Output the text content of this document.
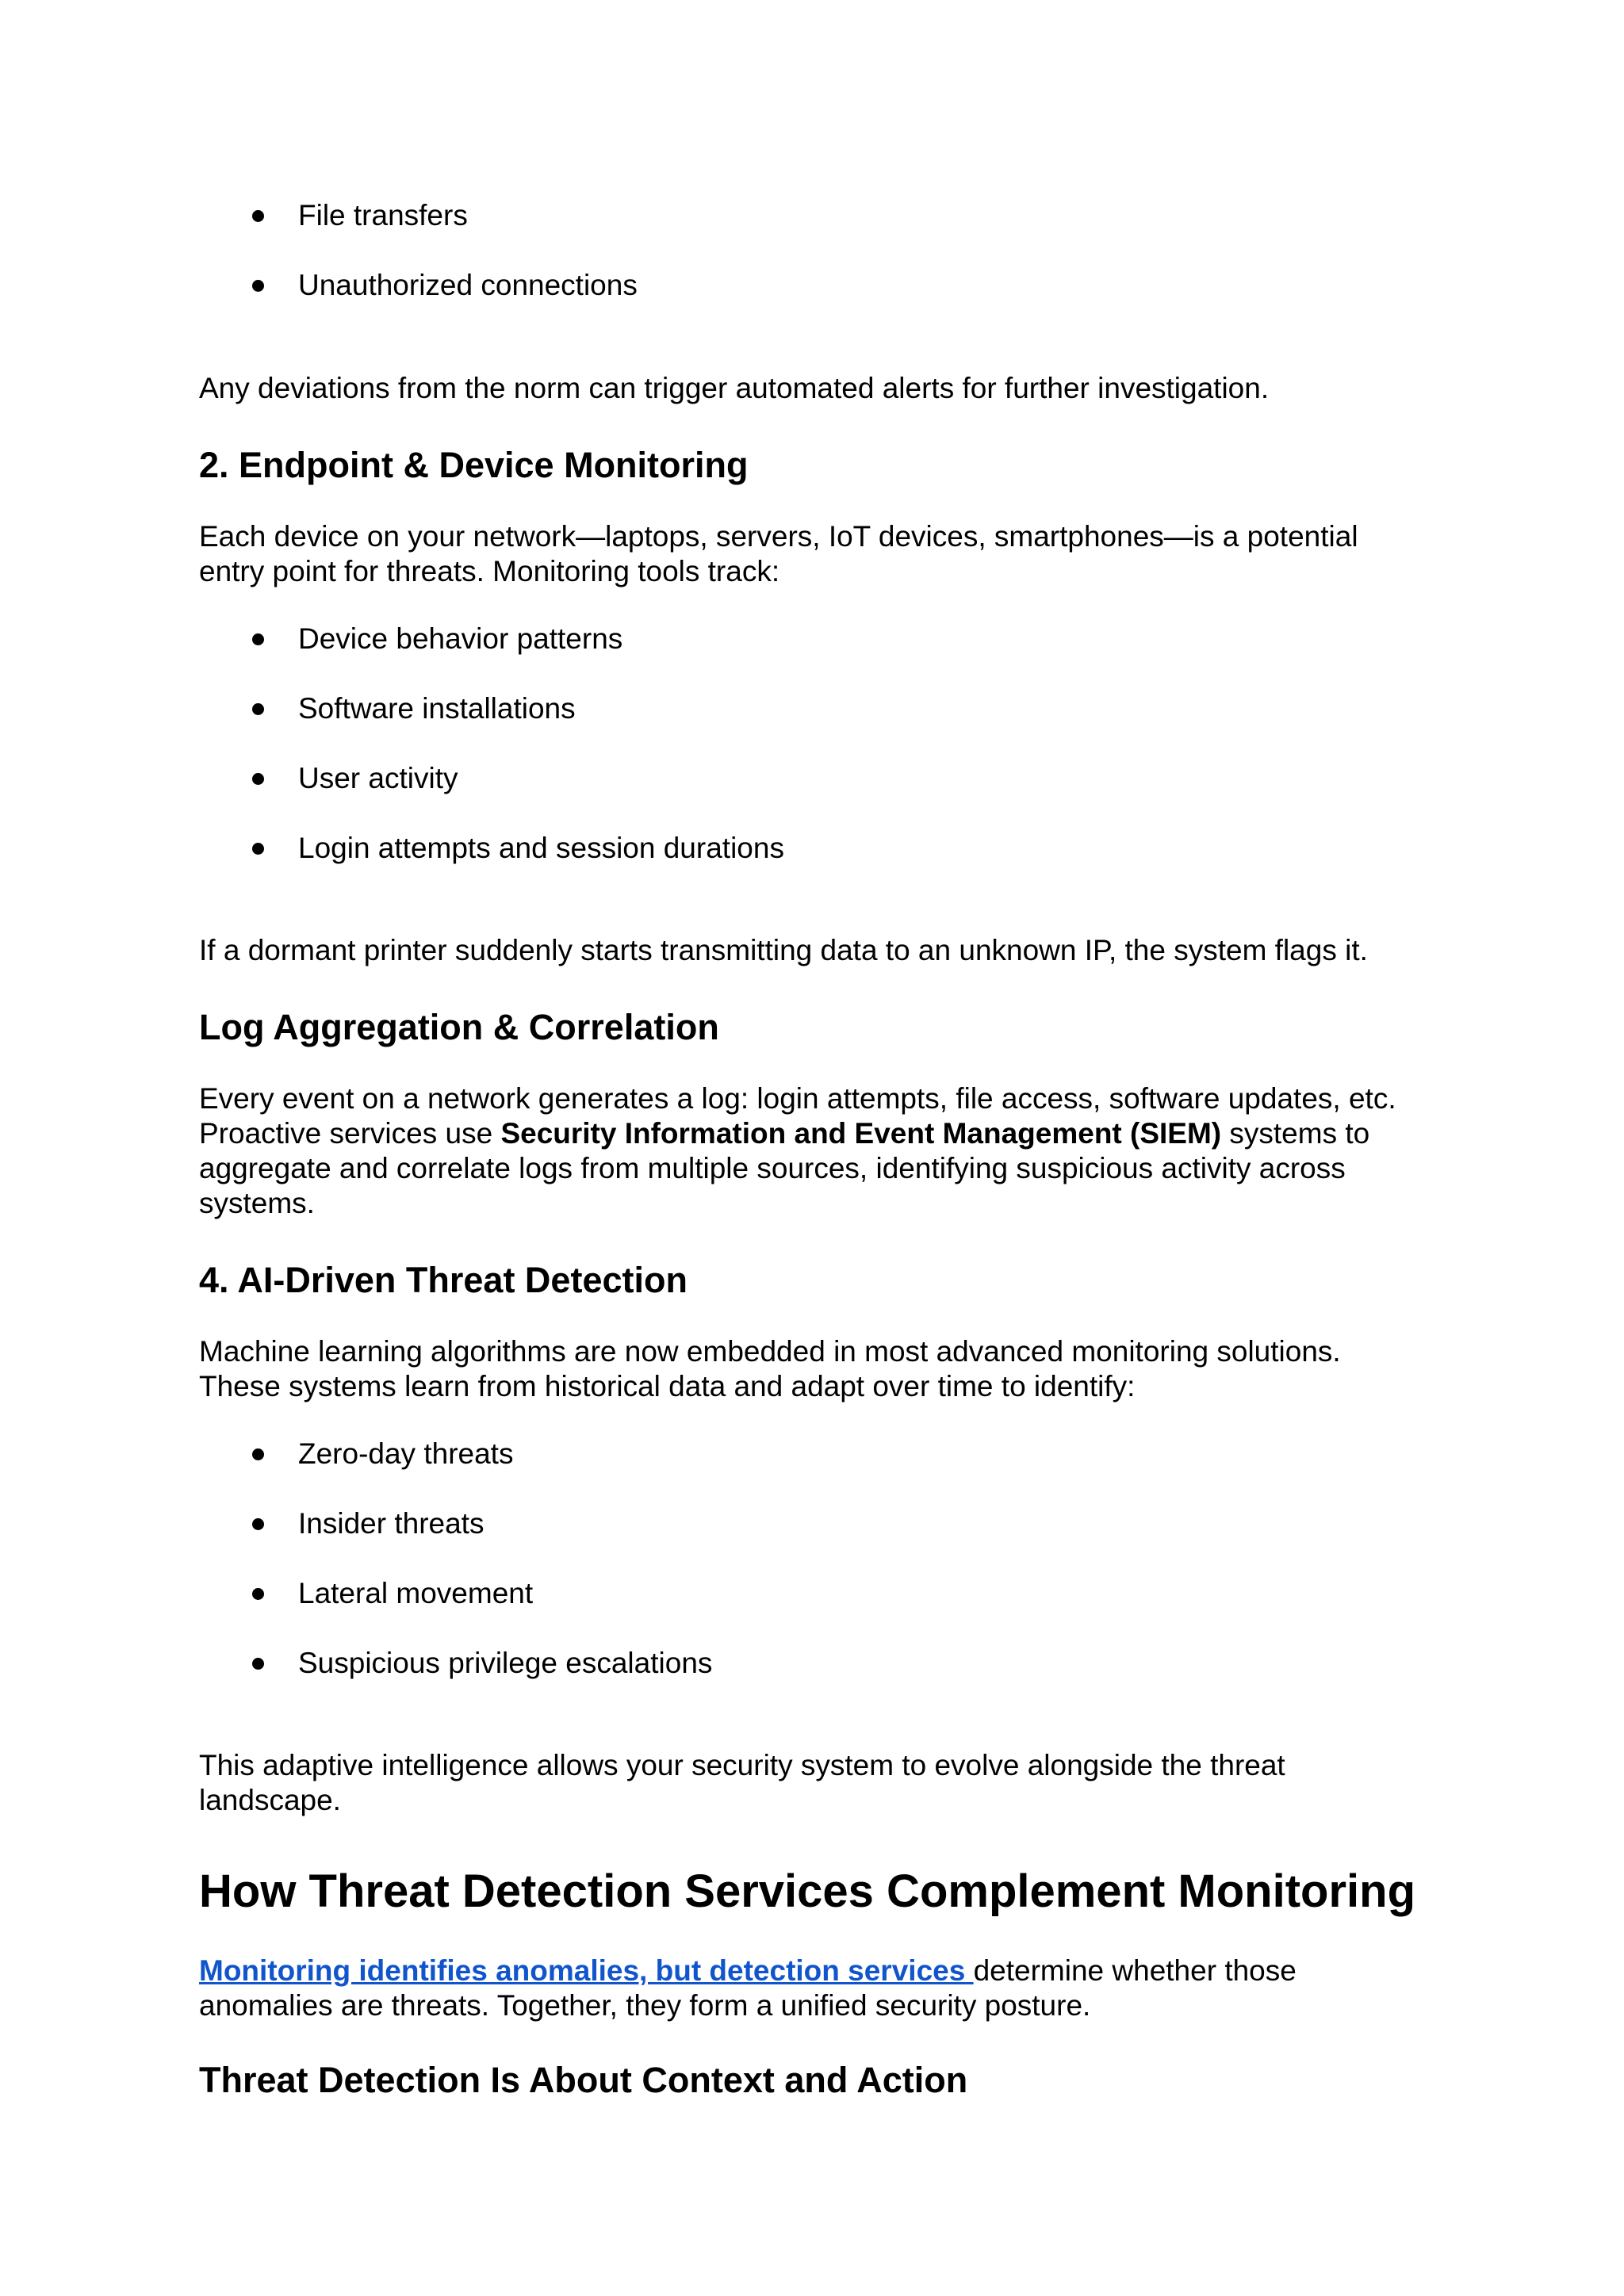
File transfers
Unauthorized connections

Any deviations from the norm can trigger automated alerts for further investigation.

2. Endpoint & Device Monitoring

Each device on your network—laptops, servers, IoT devices, smartphones—is a potential entry point for threats. Monitoring tools track:

Device behavior patterns
Software installations
User activity
Login attempts and session durations

If a dormant printer suddenly starts transmitting data to an unknown IP, the system flags it.

Log Aggregation & Correlation

Every event on a network generates a log: login attempts, file access, software updates, etc. Proactive services use Security Information and Event Management (SIEM) systems to aggregate and correlate logs from multiple sources, identifying suspicious activity across systems.

4. AI-Driven Threat Detection

Machine learning algorithms are now embedded in most advanced monitoring solutions. These systems learn from historical data and adapt over time to identify:

Zero-day threats
Insider threats
Lateral movement
Suspicious privilege escalations

This adaptive intelligence allows your security system to evolve alongside the threat landscape.

How Threat Detection Services Complement Monitoring

Monitoring identifies anomalies, but detection services determine whether those anomalies are threats. Together, they form a unified security posture.

Threat Detection Is About Context and Action
